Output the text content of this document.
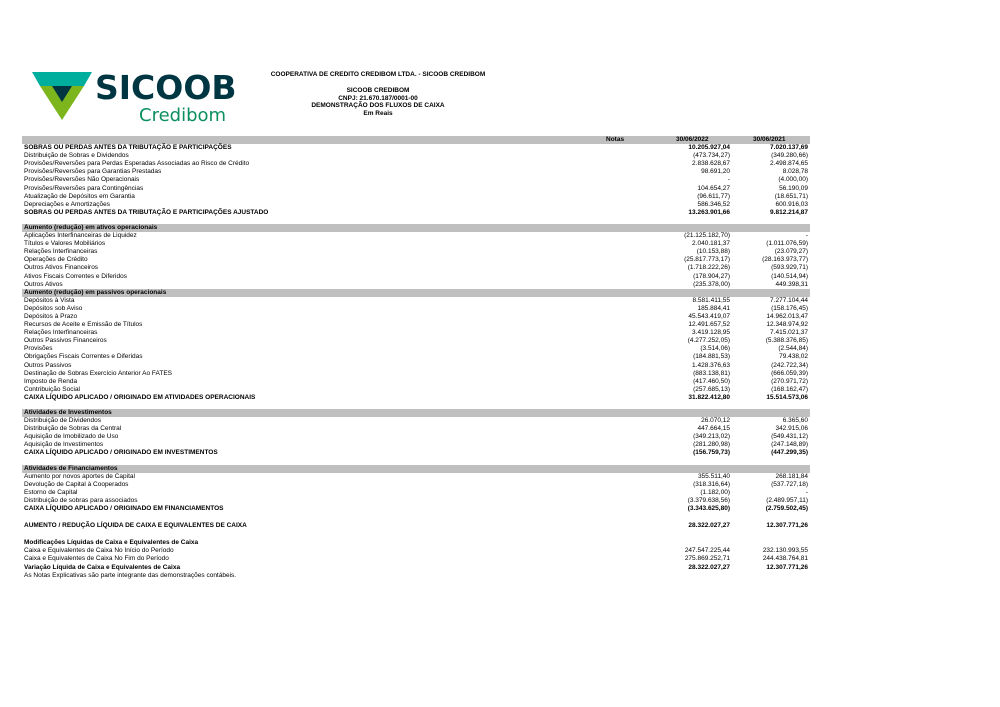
SICOOB
Credibom
COOPERATIVA DE CREDITO CREDIBOM LTDA. - SICOOB CREDIBOM
SICOOB CREDIBOM
CNPJ: 21.670.187/0001-00
DEMONSTRAÇÃO DOS FLUXOS DE CAIXA
Em Reais
Notas	30/06/2022	30/06/2021
SOBRAS OU PERDAS ANTES DA TRIBUTAÇÃO E PARTICIPAÇÕES	10.205.927,04	7.020.137,69
Distribuição de Sobras e Dividendos	(473.734,27)	(349.280,66)
Provisões/Reversões para Perdas Esperadas Associadas ao Risco de Crédito	2.838.628,67	2.498.874,65
Provisões/Reversões para Garantias Prestadas	98.691,20	8.028,78
Provisões/Reversões Não Operacionais	-	(4.000,00)
Provisões/Reversões para Contingências	104.654,27	56.190,09
Atualização de Depósitos em Garantia	(96.611,77)	(18.651,71)
Depreciações e Amortizações	586.346,52	600.916,03
SOBRAS OU PERDAS ANTES DA TRIBUTAÇÃO E PARTICIPAÇÕES AJUSTADO	13.263.901,66	9.812.214,87
Aumento (redução) em ativos operacionais
Aplicações Interfinanceiras de Liquidez	(21.125.182,70)	-
Títulos e Valores Mobiliários	2.040.181,37	(1.011.076,59)
Relações Interfinanceiras	(10.153,88)	(23.079,27)
Operações de Crédito	(25.817.773,17)	(28.163.973,77)
Outros Ativos Financeiros	(1.718.222,26)	(593.929,71)
Ativos Fiscais Correntes e Diferidos	(178.904,27)	(140.514,94)
Outros Ativos	(235.378,00)	449.398,31
Aumento (redução) em passivos operacionais
Depósitos à Vista	8.581.411,55	7.277.104,44
Depósitos sob Aviso	185.884,41	(158.176,45)
Depósitos à Prazo	45.543.419,07	14.962.013,47
Recursos de Aceite e Emissão de Títulos	12.491.657,52	12.348.974,92
Relações Interfinanceiras	3.419.128,95	7.415.021,37
Outros Passivos Financeiros	(4.277.252,05)	(5.388.376,85)
Provisões	(3.514,06)	(2.544,84)
Obrigações Fiscais Correntes e Diferidas	(184.881,53)	79.438,02
Outros Passivos	1.428.376,63	(242.722,34)
Destinação de Sobras Exercício Anterior Ao FATES	(883.138,81)	(666.059,39)
Imposto de Renda	(417.460,50)	(270.971,72)
Contribuição Social	(257.685,13)	(168.162,47)
CAIXA LÍQUIDO APLICADO / ORIGINADO EM ATIVIDADES OPERACIONAIS	31.822.412,80	15.514.573,06
Atividades de Investimentos
Distribuição de Dividendos	26.070,12	6.365,60
Distribuição de Sobras da Central	447.664,15	342.915,06
Aquisição de Imobilizado de Uso	(349.213,02)	(549.431,12)
Aquisição de Investimentos	(281.280,98)	(247.148,89)
CAIXA LÍQUIDO APLICADO / ORIGINADO EM INVESTIMENTOS	(156.759,73)	(447.299,35)
Atividades de Financiamentos
Aumento por novos aportes de Capital	355.511,40	268.181,84
Devolução de Capital à Cooperados	(318.316,64)	(537.727,18)
Estorno de Capital	(1.182,00)	-
Distribuição de sobras para associados	(3.379.638,56)	(2.489.957,11)
CAIXA LÍQUIDO APLICADO / ORIGINADO EM FINANCIAMENTOS	(3.343.625,80)	(2.759.502,45)
AUMENTO / REDUÇÃO LÍQUIDA DE CAIXA E EQUIVALENTES DE CAIXA	28.322.027,27	12.307.771,26
Modificações Líquidas de Caixa e Equivalentes de Caixa
Caixa e Equivalentes de Caixa No Início do Período	247.547.225,44	232.130.993,55
Caixa e Equivalentes de Caixa No Fim do Período	275.869.252,71	244.438.764,81
Variação Líquida de Caixa e Equivalentes de Caixa	28.322.027,27	12.307.771,26
As Notas Explicativas são parte integrante das demonstrações contábeis.
